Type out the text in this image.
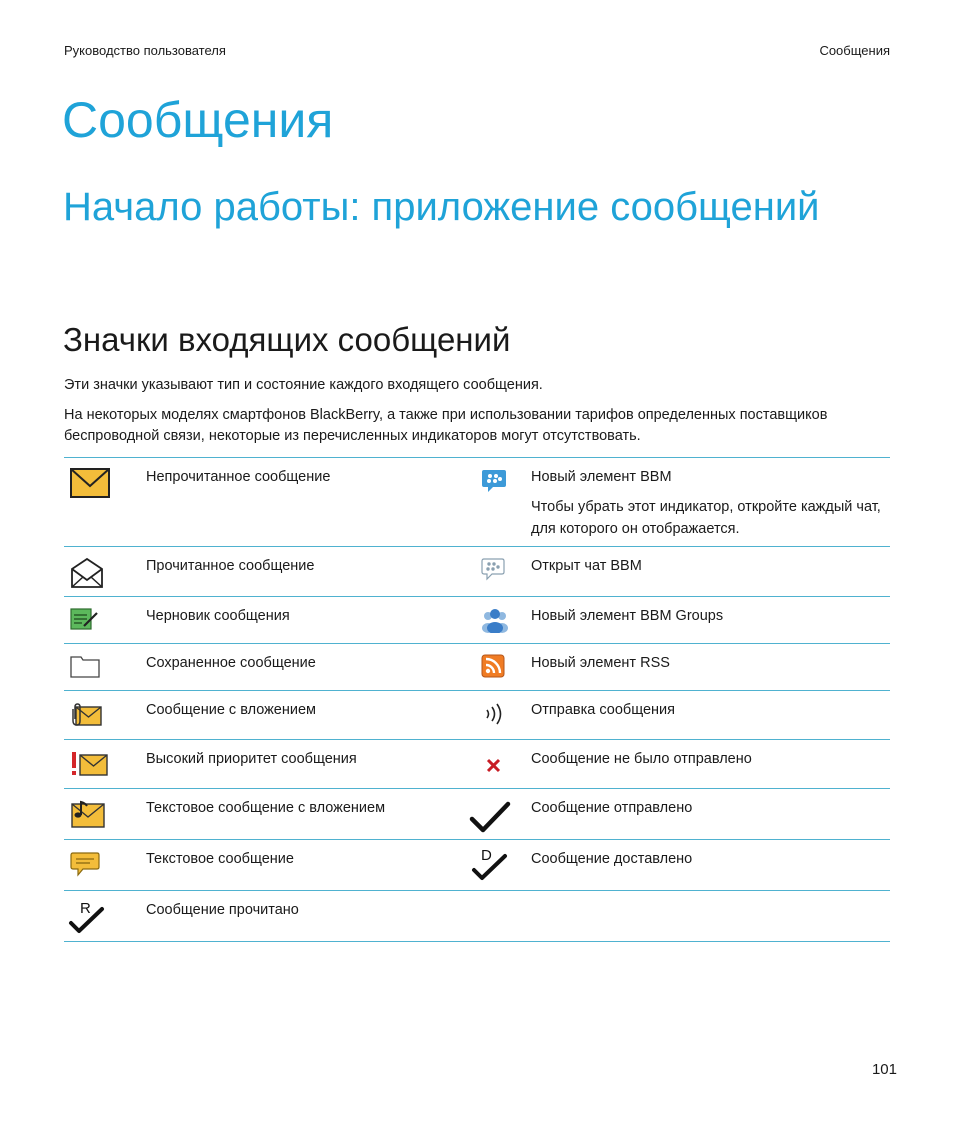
Руководство пользователя	Сообщения
Сообщения
Начало работы: приложение сообщений
Значки входящих сообщений

Эти значки указывают тип и состояние каждого входящего сообщения.

На некоторых моделях смартфонов BlackBerry, а также при использовании тарифов определенных поставщиков беспроводной связи, некоторые из перечисленных индикаторов могут отсутствовать.

Непрочитанное сообщение	Новый элемент BBM
Чтобы убрать этот индикатор, откройте каждый чат, для которого он отображается.
Прочитанное сообщение	Открыт чат BBM
Черновик сообщения	Новый элемент BBM Groups
Сохраненное сообщение	Новый элемент RSS
Сообщение с вложением	Отправка сообщения
Высокий приоритет сообщения	Сообщение не было отправлено
Текстовое сообщение с вложением	Сообщение отправлено
Текстовое сообщение	D	Сообщение доставлено
R	Сообщение прочитано
101
